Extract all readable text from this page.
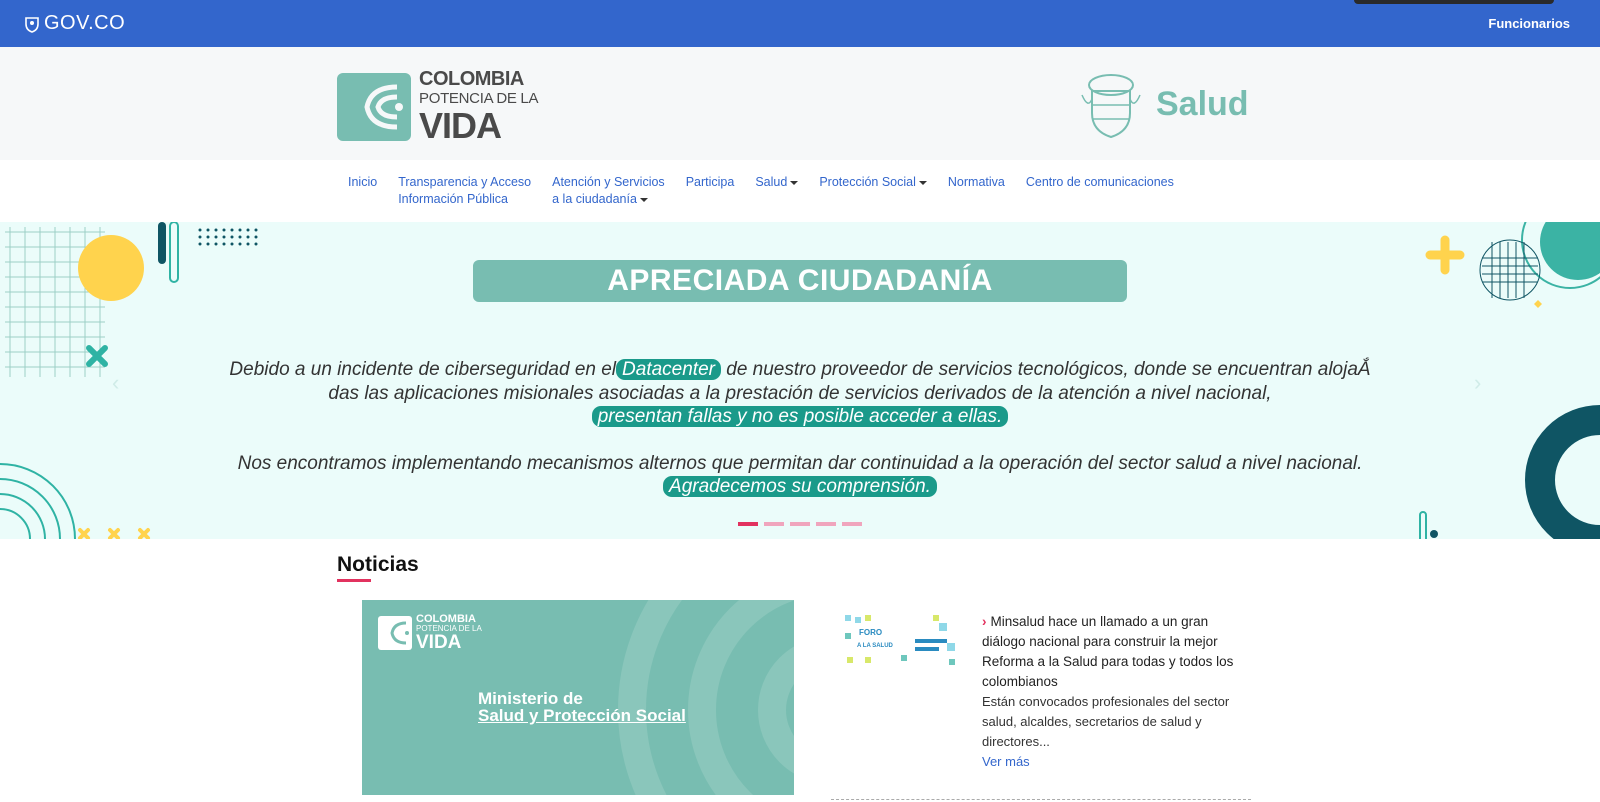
GOV.CO	Funcionarios
COLOMBIA
POTENCIA DE LA
VIDA
Salud
Inicio Transparencia y Acceso
Información Pública
Atención y Servicios
a la ciudadanía
Participa Salud	Protección Social	Normativa Centro de comunicaciones
‹	›
APRECIADA CIUDADANÍA
Debido a un incidente de ciberseguridad en el Datacenter de nuestro proveedor de servicios tecnológicos, donde se encuentran alojaẮ
das las aplicaciones misionales asociadas a la prestación de servicios derivados de la atención a nivel nacional,
presentan fallas y no es posible acceder a ellas.
Nos encontramos implementando mecanismos alternos que permitan dar continuidad a la operación del sector salud a nivel nacional.
Agradecemos su comprensión.
Noticias
COLOMBIA
POTENCIA DE LA
VIDA
Ministerio de
Salud y Protección Social
FORO
A LA SALUD
› Minsalud hace un llamado a un gran diálogo nacional para construir la mejor Reforma a la Salud para todas y todos los colombianos
Están convocados profesionales del sector salud, alcaldes, secretarios de salud y directores...
Ver más
